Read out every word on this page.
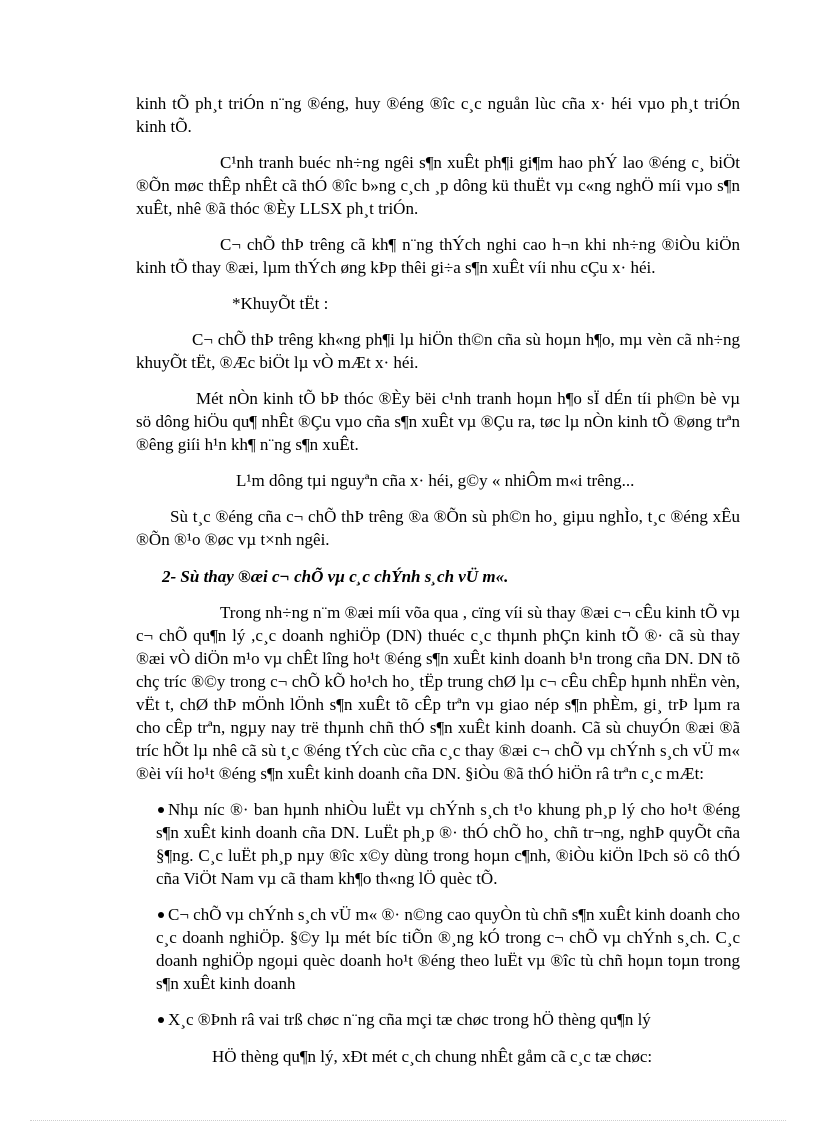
kinh tÕ ph¸t triÓn n¨ng ®éng, huy ®éng ®îc c¸c nguån lùc cña x· héi vµo ph¸t triÓn kinh tÕ.

C¹nh tranh buéc nh÷ng ngêi s¶n xuÊt ph¶i gi¶m hao phÝ lao ®éng c¸ biÖt ®Õn møc thÊp nhÊt cã thÓ ®îc b»ng c¸ch ¸p dông kü thuËt vµ c«ng nghÖ míi vµo s¶n xuÊt, nhê ®ã thóc ®Èy LLSX ph¸t triÓn.

C¬ chÕ thÞ trêng cã kh¶ n¨ng thÝch nghi cao h¬n khi nh÷ng ®iÒu kiÖn kinh tÕ thay ®æi, lµm thÝch øng kÞp thêi gi÷a s¶n xuÊt víi nhu cÇu x· héi.

*KhuyÕt tËt :

C¬ chÕ thÞ trêng kh«ng ph¶i lµ hiÖn th©n cña sù hoµn h¶o, mµ vèn cã nh÷ng khuyÕt tËt, ®Æc biÖt lµ vÒ mÆt x· héi.

Mét nÒn kinh tÕ bÞ thóc ®Èy bëi c¹nh tranh hoµn h¶o sÏ dÉn tíi ph©n bè vµ sö dông hiÖu qu¶ nhÊt ®Çu vµo cña s¶n xuÊt vµ ®Çu ra, tøc lµ nÒn kinh tÕ ®øng trªn ®êng giíi h¹n kh¶ n¨ng s¶n xuÊt.

L¹m dông tµi nguyªn cña x· héi, g©y « nhiÔm m«i trêng...

Sù t¸c ®éng cña c¬ chÕ thÞ trêng ®a ®Õn sù ph©n ho¸ giµu nghÌo, t¸c ®éng xÊu ®Õn ®¹o ®øc vµ t×nh ngêi.

2- Sù thay ®æi c¬ chÕ vµ c¸c chÝnh s¸ch vÜ m«.

Trong nh÷ng n¨m ®æi míi võa qua , cïng víi sù thay ®æi c¬ cÊu kinh tÕ vµ c¬ chÕ qu¶n lý ,c¸c doanh nghiÖp (DN) thuéc c¸c thµnh phÇn kinh tÕ ®· cã sù thay ®æi vÒ diÖn m¹o vµ chÊt lîng ho¹t ®éng s¶n xuÊt kinh doanh b¹n trong cña DN. DN tõ chç tríc ®©y trong c¬ chÕ kÕ ho¹ch ho¸ tËp trung chØ lµ c¬ cÊu chÊp hµnh nhËn vèn, vËt t, chØ thÞ mÖnh lÖnh s¶n xuÊt tõ cÊp trªn vµ giao nép s¶n phÈm, gi¸ trÞ lµm ra cho cÊp trªn, ngµy nay trë thµnh chñ thÓ s¶n xuÊt kinh doanh. Cã sù chuyÓn ®æi ®ã tríc hÕt lµ nhê cã sù t¸c ®éng tÝch cùc cña c¸c thay ®æi c¬ chÕ vµ chÝnh s¸ch vÜ m« ®èi víi ho¹t ®éng s¶n xuÊt kinh doanh cña DN. §iÒu ®ã thÓ hiÖn râ trªn c¸c mÆt:

Nhµ níc ®· ban hµnh nhiÒu luËt vµ chÝnh s¸ch t¹o khung ph¸p lý cho ho¹t ®éng s¶n xuÊt kinh doanh cña DN. LuËt ph¸p ®· thÓ chÕ ho¸ chñ tr¬ng, nghÞ quyÕt cña §¶ng. C¸c luËt ph¸p nµy ®îc x©y dùng trong hoµn c¶nh, ®iÒu kiÖn lÞch sö cô thÓ cña ViÖt Nam vµ cã tham kh¶o th«ng lÖ quèc tÕ.

C¬ chÕ vµ chÝnh s¸ch vÜ m« ®· n©ng cao quyÒn tù chñ s¶n xuÊt kinh doanh cho c¸c doanh nghiÖp. §©y lµ mét bíc tiÕn ®¸ng kÓ trong c¬ chÕ vµ chÝnh s¸ch. C¸c doanh nghiÖp ngoµi quèc doanh ho¹t ®éng theo luËt vµ ®îc tù chñ hoµn toµn trong s¶n xuÊt kinh doanh

X¸c ®Þnh râ vai trß chøc n¨ng cña mçi tæ chøc trong hÖ thèng qu¶n lý

HÖ thèng qu¶n lý, xÐt mét c¸ch chung nhÊt gåm cã c¸c tæ chøc:
